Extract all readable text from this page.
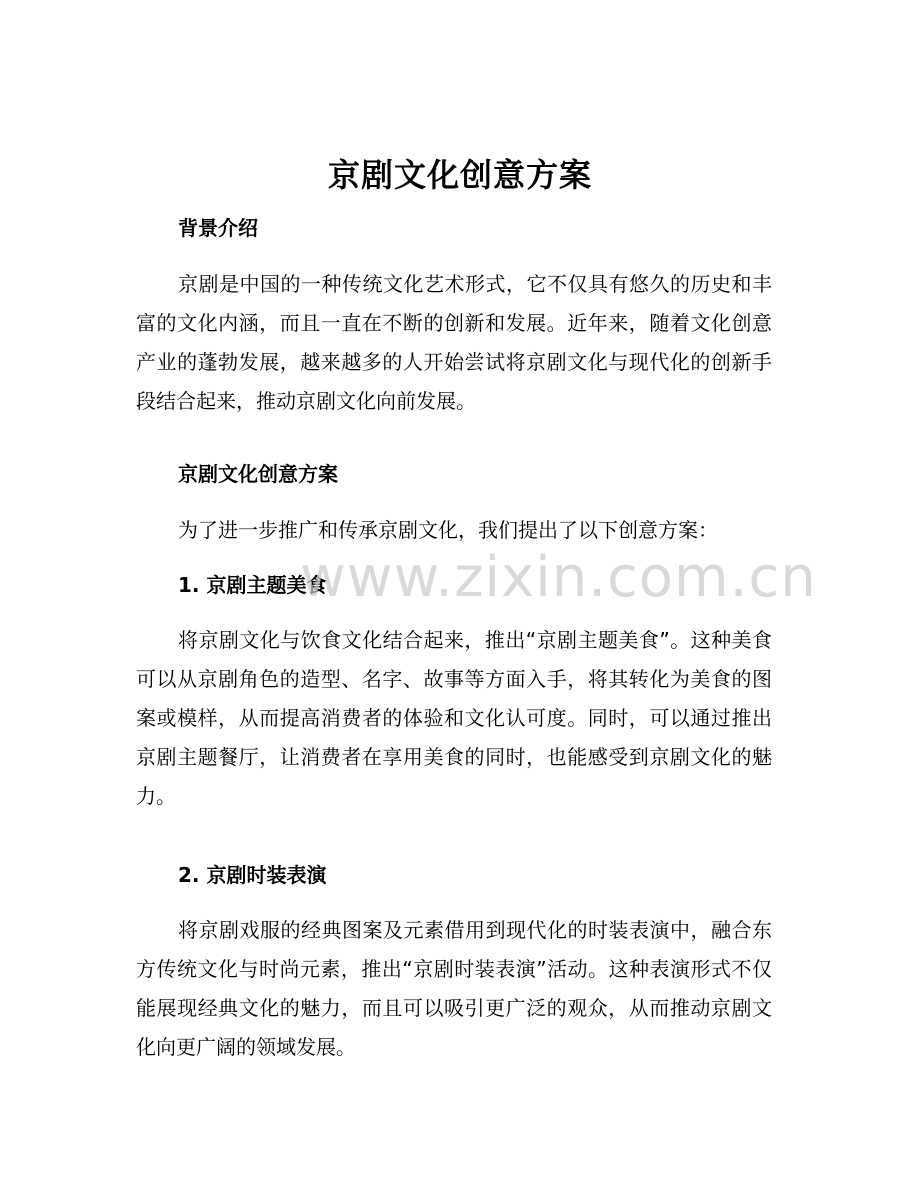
京剧文化创意方案
背景介绍
京剧是中国的一种传统文化艺术形式，它不仅具有悠久的历史和丰富的文化内涵，而且一直在不断的创新和发展。近年来，随着文化创意产业的蓬勃发展，越来越多的人开始尝试将京剧文化与现代化的创新手段结合起来，推动京剧文化向前发展。
京剧文化创意方案
为了进一步推广和传承京剧文化，我们提出了以下创意方案：
1. 京剧主题美食
将京剧文化与饮食文化结合起来，推出“京剧主题美食”。这种美食可以从京剧角色的造型、名字、故事等方面入手，将其转化为美食的图案或模样，从而提高消费者的体验和文化认可度。同时，可以通过推出京剧主题餐厅，让消费者在享用美食的同时，也能感受到京剧文化的魅力。
2. 京剧时装表演
将京剧戏服的经典图案及元素借用到现代化的时装表演中，融合东方传统文化与时尚元素，推出“京剧时装表演”活动。这种表演形式不仅能展现经典文化的魅力，而且可以吸引更广泛的观众，从而推动京剧文化向更广阔的领域发展。
www.zixin.com.cn
